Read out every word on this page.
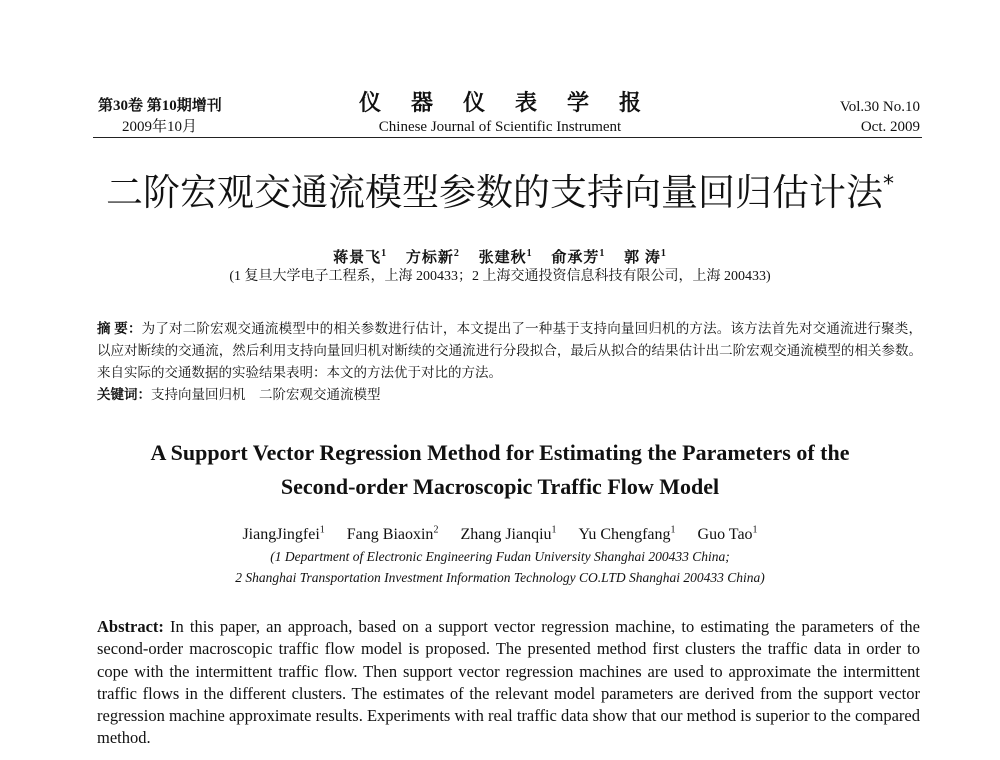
第30卷 第10期增刊
2009年10月
仪器仪表学报
Chinese Journal of Scientific Instrument
Vol.30 No.10
Oct. 2009
二阶宏观交通流模型参数的支持向量回归估计法*
蒋景飞$^1$ 方标新$^2$ 张建秋$^1$ 俞承芳$^1$ 郭 涛$^1$
(1 复旦大学电子工程系，上海 200433；2 上海交通投资信息科技有限公司，上海 200433)
摘 要：为了对二阶宏观交通流模型中的相关参数进行估计，本文提出了一种基于支持向量回归机的方法。该方法首先对交通流进行聚类，以应对断续的交通流，然后利用支持向量回归机对断续的交通流进行分段拟合，最后从拟合的结果估计出二阶宏观交通流模型的相关参数。来自实际的交通数据的实验结果表明：本文的方法优于对比的方法。
关键词：支持向量回归机　二阶宏观交通流模型
A Support Vector Regression Method for Estimating the Parameters of the
Second-order Macroscopic Traffic Flow Model
JiangJingfei$^1$ Fang Biaoxin$^2$ Zhang Jianqiu$^1$ Yu Chengfang$^1$ Guo Tao$^1$
(1 Department of Electronic Engineering Fudan University Shanghai 200433 China;
2 Shanghai Transportation Investment Information Technology CO.LTD Shanghai 200433 China)
Abstract: In this paper, an approach, based on a support vector regression machine, to estimating the parameters of the second-order macroscopic traffic flow model is proposed. The presented method first clusters the traffic data in order to cope with the intermittent traffic flow. Then support vector regression machines are used to approximate the intermittent traffic flows in the different clusters. The estimates of the relevant model parameters are derived from the support vector regression machine approximate results. Experiments with real traffic data show that our method is superior to the compared method.
